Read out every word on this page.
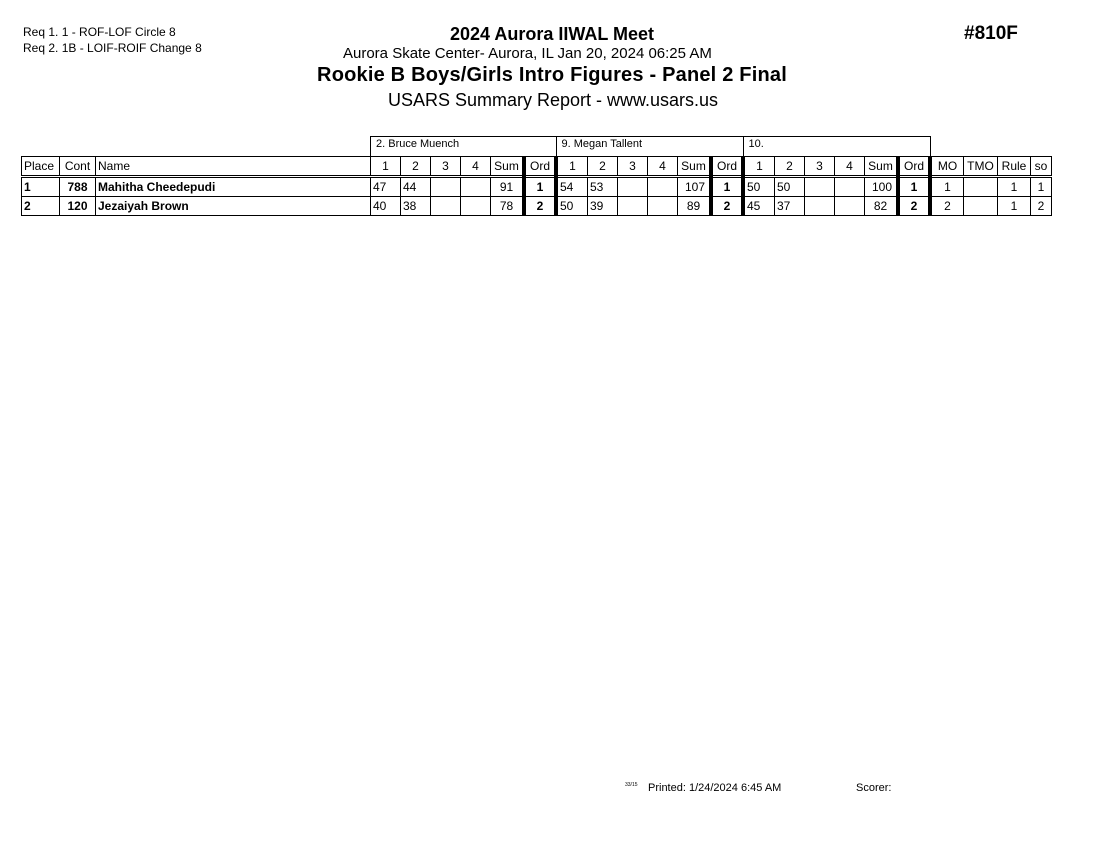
Req 1. 1 - ROF-LOF Circle 8
Req 2. 1B - LOIF-ROIF Change 8
2024 Aurora IIWAL Meet
Aurora Skate Center- Aurora, IL Jan 20, 2024 06:25 AM
Rookie B Boys/Girls Intro Figures - Panel 2 Final
USARS Summary Report - www.usars.us
#810F
			2. Bruce Muench						9. Megan Tallent						10.									
Place	Cont	Name	1	2	3	4	Sum	Ord	1	2	3	4	Sum	Ord	1	2	3	4	Sum	Ord	MO	TMO	Rule	so
1	788	Mahitha Cheedepudi	47	44			91	1	54	53			107	1	50	50			100	1	1		1	1
2	120	Jezaiyah Brown	40	38			78	2	50	39			89	2	45	37			82	2	2		1	2
33/15 Printed: 1/24/2024 6:45 AM	Scorer:
